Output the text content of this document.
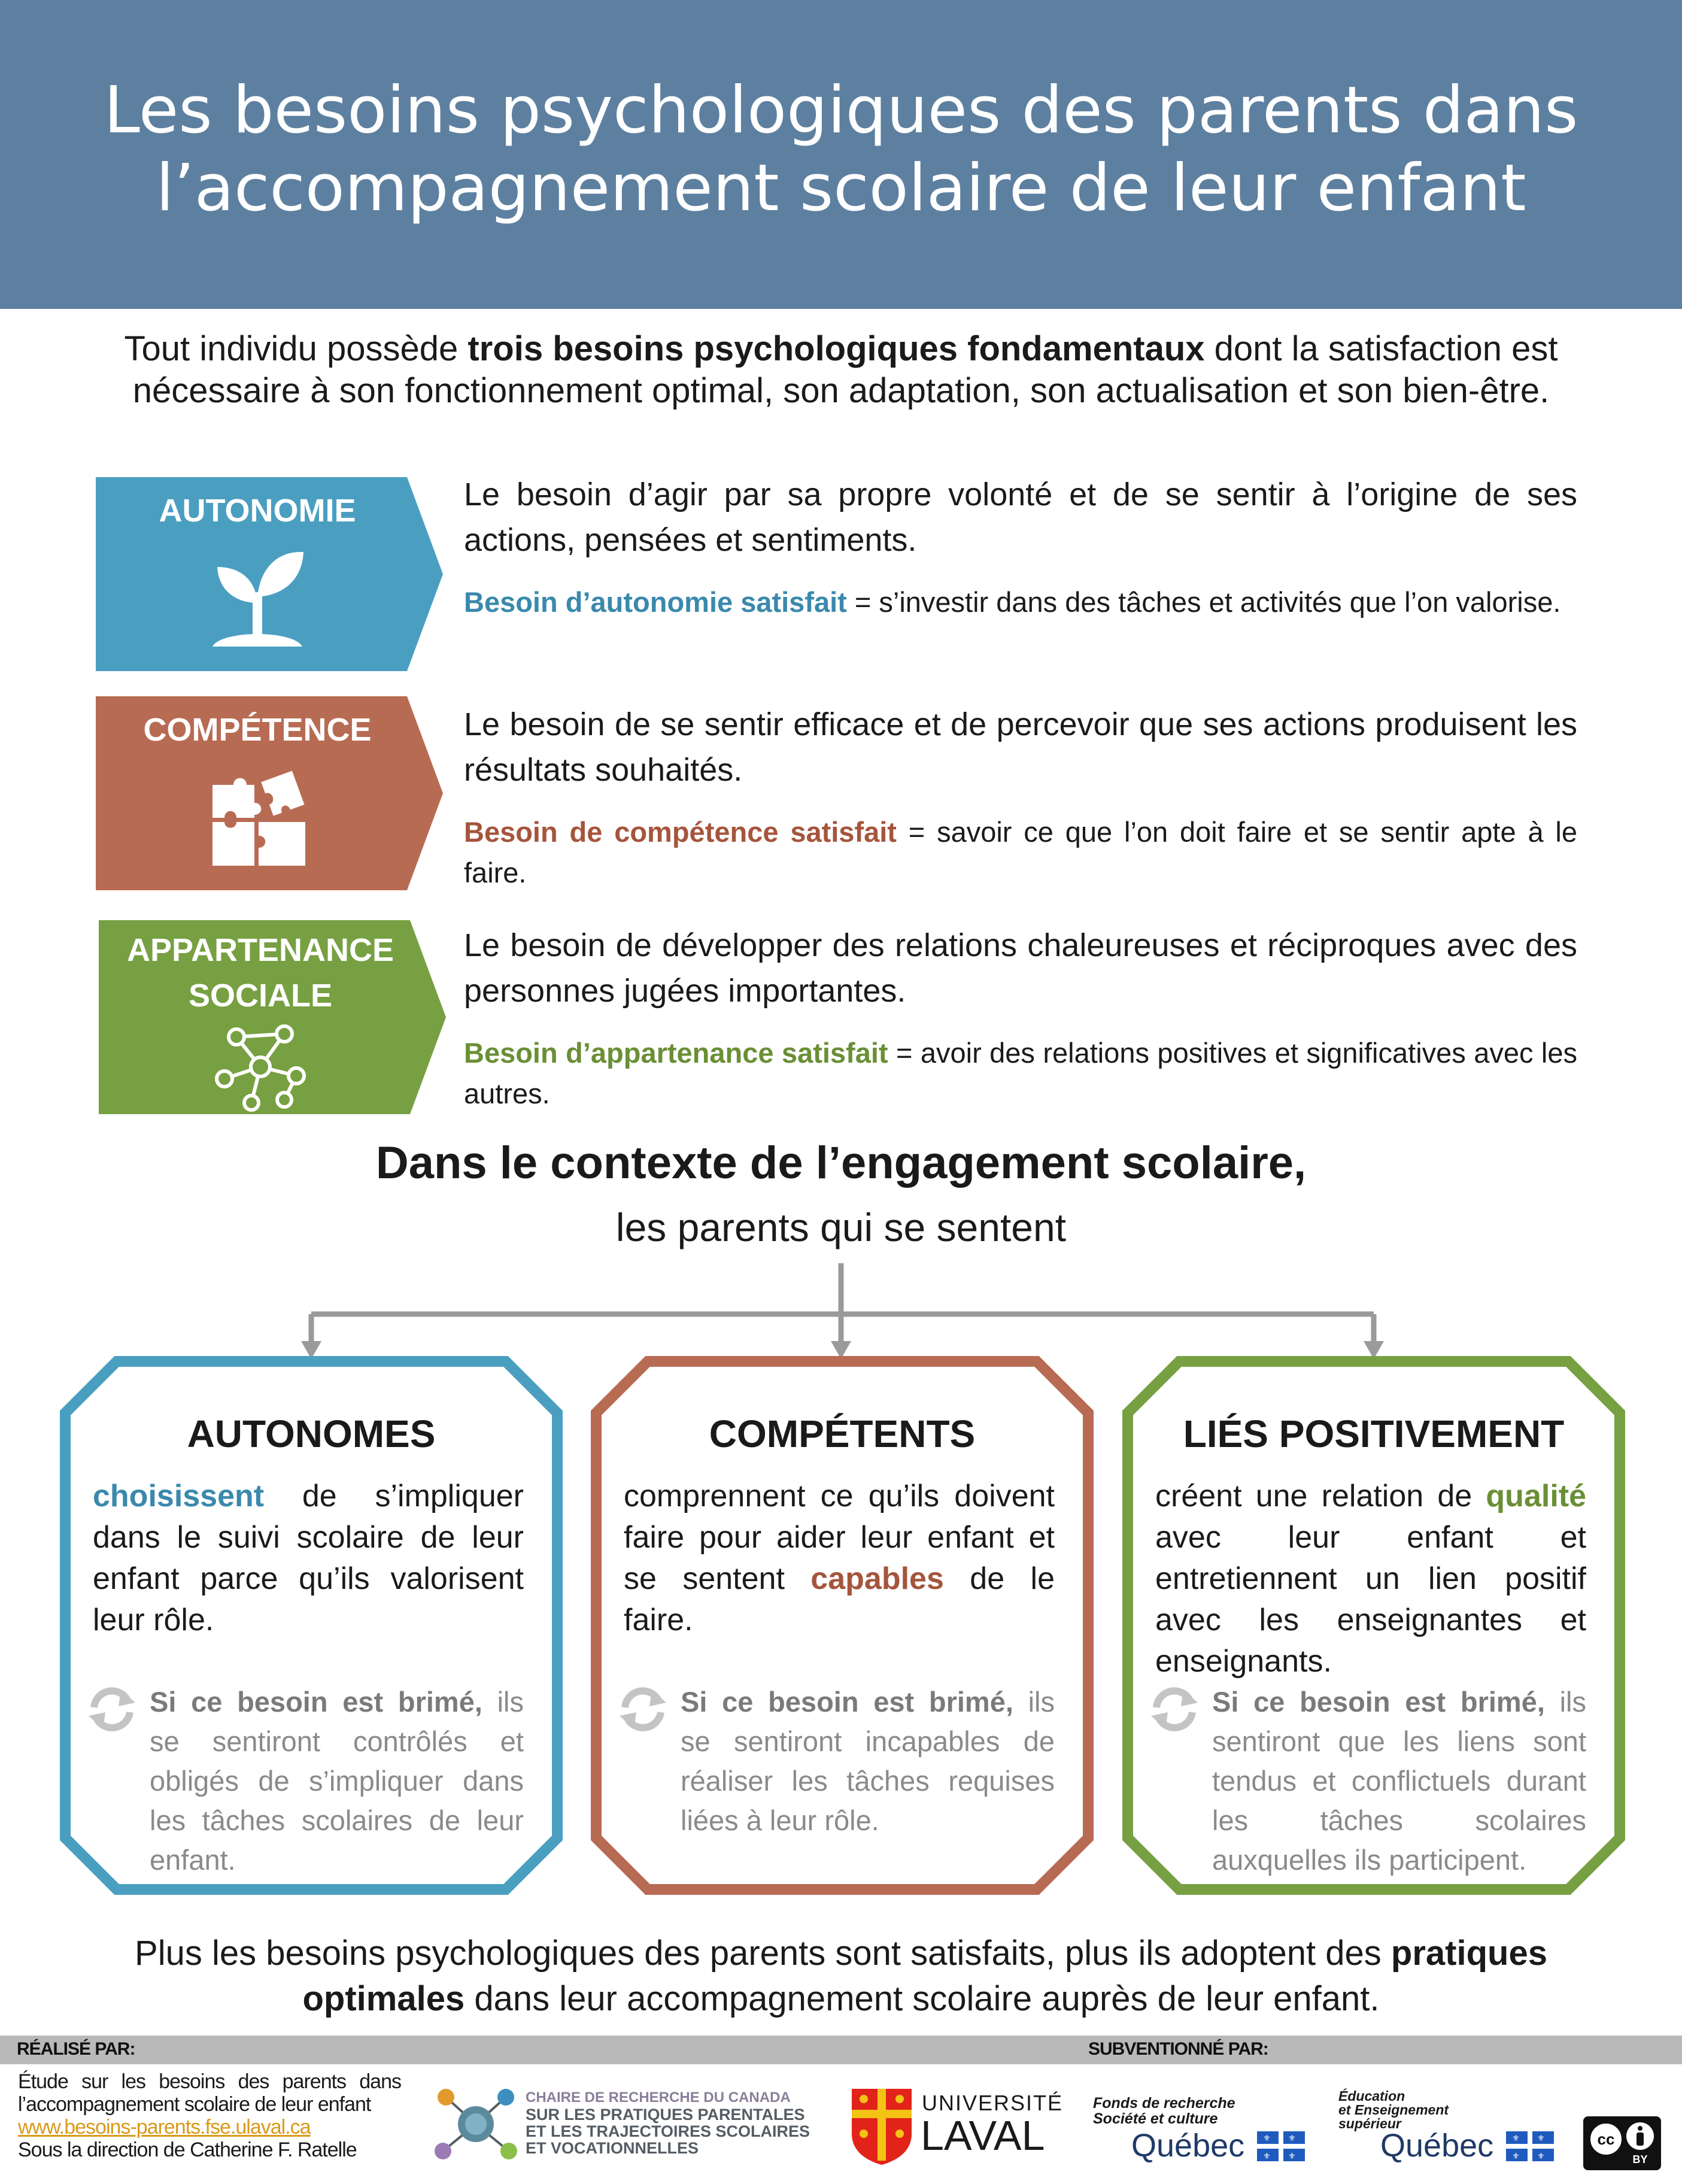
Les besoins psychologiques des parents dans
l’accompagnement scolaire de leur enfant
Tout individu possède trois besoins psychologiques fondamentaux dont la satisfaction est nécessaire à son fonctionnement optimal, son adaptation, son actualisation et son bien-être.
AUTONOMIE	Le besoin d’agir par sa propre volonté et de se sentir à l’origine de ses actions, pensées et sentiments.
Besoin d’autonomie satisfait = s’investir dans des tâches et activités que l’on valorise.
COMPÉTENCE	Le besoin de se sentir efficace et de percevoir que ses actions produisent les résultats souhaités.
Besoin de compétence satisfait = savoir ce que l’on doit faire et se sentir apte à le faire.
APPARTENANCE
SOCIALE
Le besoin de développer des relations chaleureuses et réciproques avec des personnes jugées importantes.
Besoin d’appartenance satisfait = avoir des relations positives et significatives avec les autres.
Dans le contexte de l’engagement scolaire,
les parents qui se sentent
AUTONOMES
choisissent de s’impliquer dans le suivi scolaire de leur enfant parce qu’ils valorisent leur rôle.
Si ce besoin est brimé, ils se sentiront contrôlés et obligés de s’impliquer dans les tâches scolaires de leur enfant.
COMPÉTENTS
comprennent ce qu’ils doivent faire pour aider leur enfant et se sentent capables de le faire.
Si ce besoin est brimé, ils se sentiront incapables de réaliser les tâches requises liées à leur rôle.
LIÉS POSITIVEMENT
créent une relation de qualité avec leur enfant et entretiennent un lien positif avec les enseignantes et enseignants.
Si ce besoin est brimé, ils sentiront que les liens sont tendus et conflictuels durant les tâches scolaires auxquelles ils participent.
Plus les besoins psychologiques des parents sont satisfaits, plus ils adoptent des pratiques optimales dans leur accompagnement scolaire auprès de leur enfant.
RÉALISÉ PAR:	SUBVENTIONNÉ PAR:
Étude sur les besoins des parents dans l’accompagnement scolaire de leur enfant
www.besoins-parents.fse.ulaval.ca
Sous la direction de Catherine F. Ratelle
CHAIRE DE RECHERCHE DU CANADA
SUR LES PRATIQUES PARENTALES
ET LES TRAJECTOIRES SCOLAIRES
ET VOCATIONNELLES
UNIVERSITÉ
LAVAL
Fonds de recherche
Société et culture
Québec ⚜ ⚜
⚜ ⚜
Éducation
et Enseignement
supérieur
Québec ⚜ ⚜
⚜ ⚜
cc
BY
